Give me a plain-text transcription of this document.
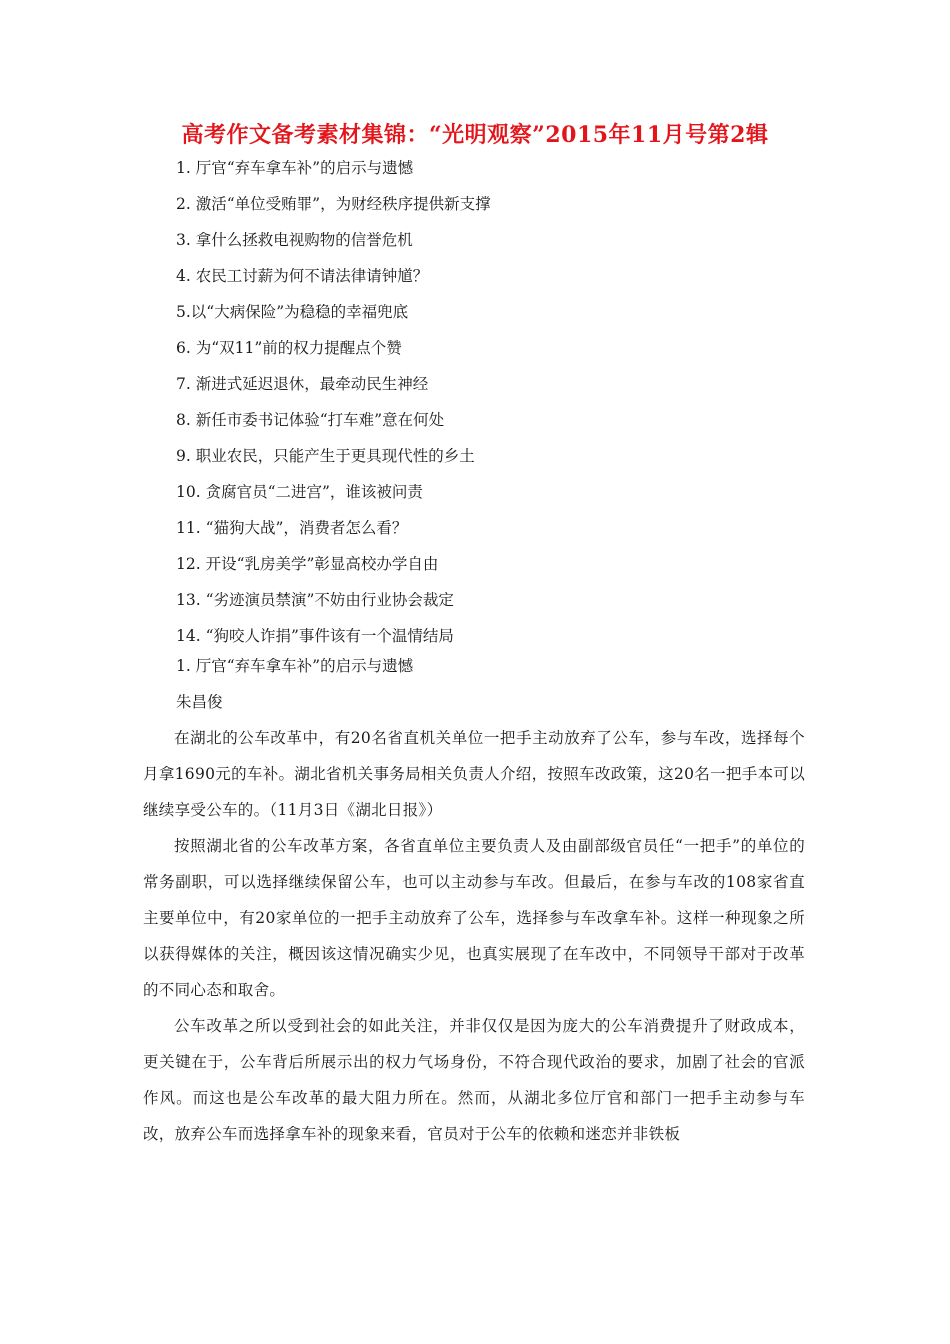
高考作文备考素材集锦：“光明观察”2015年11月号第2辑
1. 厅官“弃车拿车补”的启示与遗憾
2. 激活“单位受贿罪”，为财经秩序提供新支撑
3. 拿什么拯救电视购物的信誉危机
4. 农民工讨薪为何不请法律请钟馗？
5.以“大病保险”为稳稳的幸福兜底
6. 为“双11”前的权力提醒点个赞
7. 渐进式延迟退休，最牵动民生神经
8. 新任市委书记体验“打车难”意在何处
9. 职业农民，只能产生于更具现代性的乡土
10. 贪腐官员“二进宫”，谁该被问责
11. “猫狗大战”，消费者怎么看？
12. 开设“乳房美学”彰显高校办学自由
13. “劣迹演员禁演”不妨由行业协会裁定
14. “狗咬人诈捐”事件该有一个温情结局
1. 厅官“弃车拿车补”的启示与遗憾
朱昌俊

在湖北的公车改革中，有20名省直机关单位一把手主动放弃了公车，参与车改，选择每个月拿1690元的车补。湖北省机关事务局相关负责人介绍，按照车改政策，这20名一把手本可以继续享受公车的。（11月3日《湖北日报》）

按照湖北省的公车改革方案，各省直单位主要负责人及由副部级官员任“一把手”的单位的常务副职，可以选择继续保留公车，也可以主动参与车改。但最后，在参与车改的108家省直主要单位中，有20家单位的一把手主动放弃了公车，选择参与车改拿车补。这样一种现象之所以获得媒体的关注，概因该这情况确实少见，也真实展现了在车改中，不同领导干部对于改革的不同心态和取舍。

公车改革之所以受到社会的如此关注，并非仅仅是因为庞大的公车消费提升了财政成本，更关键在于，公车背后所展示出的权力气场身份，不符合现代政治的要求，加剧了社会的官派作风。而这也是公车改革的最大阻力所在。然而，从湖北多位厅官和部门一把手主动参与车改，放弃公车而选择拿车补的现象来看，官员对于公车的依赖和迷恋并非铁板
